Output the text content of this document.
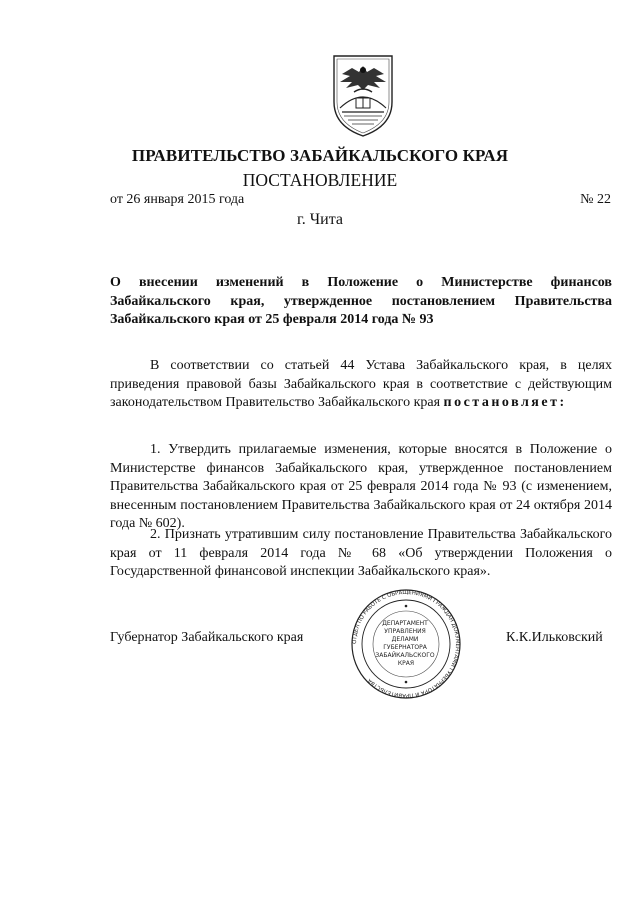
ПРАВИТЕЛЬСТВО ЗАБАЙКАЛЬСКОГО КРАЯ
ПОСТАНОВЛЕНИЕ
от 26 января 2015 года	№ 22
г. Чита
О внесении изменений в Положение о Министерстве финансов Забайкальского края, утвержденное постановлением Правительства Забайкальского края от 25 февраля 2014 года № 93
В соответствии со статьей 44 Устава Забайкальского края, в целях приведения правовой базы Забайкальского края в соответствие с действующим законодательством Правительство Забайкальского края постановляет:
1. Утвердить прилагаемые изменения, которые вносятся в Положение о Министерстве финансов Забайкальского края, утвержденное постановлением Правительства Забайкальского края от 25 февраля 2014 года № 93 (с изменением, внесенным постановлением Правительства Забайкальского края от 24 октября 2014 года № 602).
2. Признать утратившим силу постановление Правительства Забайкальского края от 11 февраля 2014 года № 68 «Об утверждении Положения о Государственной финансовой инспекции Забайкальского края».
Губернатор Забайкальского края	К.К.Ильковский
ОТДЕЛ ПО РАБОТЕ С ОБРАЩЕНИЯМИ ГРАЖДАН ДОКУМЕНТАМИ ГУБЕРНАТОРА И ПРАВИТЕЛЬСТВА
ДЕПАРТАМЕНТ УПРАВЛЕНИЯ ДЕЛАМИ ГУБЕРНАТОРА ЗАБАЙКАЛЬСКОГО КРАЯ
